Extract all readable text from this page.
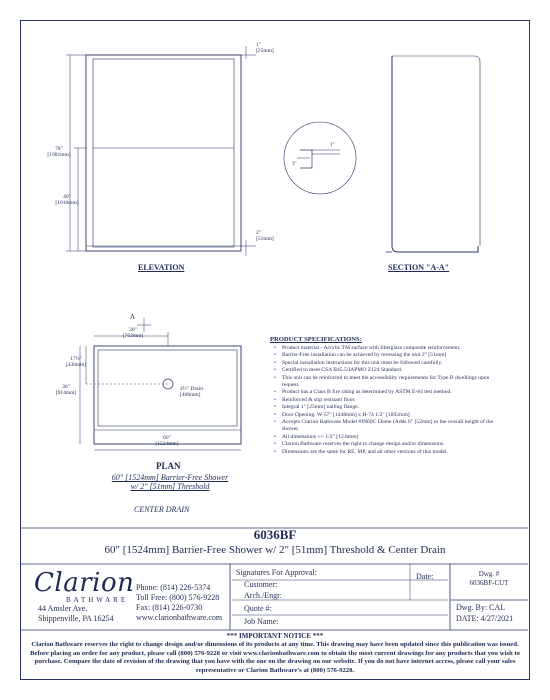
1"
[25mm]
78"
[1981mm]
40"
[1016mm]
2"
[51mm]
ELEVATION
1"
3"
SECTION "A-A"
A
30"
[762mm]
17½"
[438mm]
36"
[914mm]
4½" Drain
[406mm]
60"
[1524mm]
PLAN
60" [1524mm] Barrier-Free Shower
w/ 2" [51mm] Threshold
CENTER DRAIN
PRODUCT SPECIFICATIONS:
• Product material - Acrylic TM surface with fiberglass composite reinforcement.
• Barrier-Free installation can be achieved by recessing the unit 2" [51mm]
• Special installation instructions for this unit must be followed carefully.
• Certified to meet CSA B45.5/IAPMO Z124 Standard.
• This unit can be reinforced to meet the accessibility requirements for Type B dwellings upon request.
• Product has a Class B fire rating as determined by ASTM E-84 test method.
• Reinforced & slip resistant floor.
• Integral 1" [25mm] nailing flange.
• Door Opening: W-57" [1448mm] x H-74 1/2" [1892mm]
• Accepts Clarion Bathware Model #IN60C Dome (Adds 6" [52mm] to the overall height of the shower.
• All dimensions +/- 1/2" [12.8mm]
• Clarion Bathware reserves the right to change design and/or dimensions.
• Dimensions are the same for RE, MP, and all other versions of this model.
6036BF
60" [1524mm] Barrier-Free Shower w/ 2" [51mm] Threshold & Center Drain
Clarion
BATHWARE
44 Amsler Ave.
Shippenville, PA 16254
Phone: (814) 226-5374
Toll Free: (800) 576-9228
Fax: (814) 226-0730
www.clarionbathware.com
Signatures For Approval:
Customer:
Arch./Engr:
Date:
Quote #:
Job Name:
Dwg. #
6036BF-CUT
Dwg. By: CAL
DATE: 4/27/2021
*** IMPORTANT NOTICE ***
Clarion Bathware reserves the right to change design and/or dimensions of its products at any time. This drawing may have been updated since this publication was issued. Before placing an order for any product, please call (800) 576-9228 or visit www.clarionbathware.com to obtain the most current drawings for any products that you wish to purchase. Compare the date of revision of the drawing that you have with the one on the drawing on our website. If you do not have internet access, please call your sales representative or Clarion Bathware's at (800) 576-9228.
